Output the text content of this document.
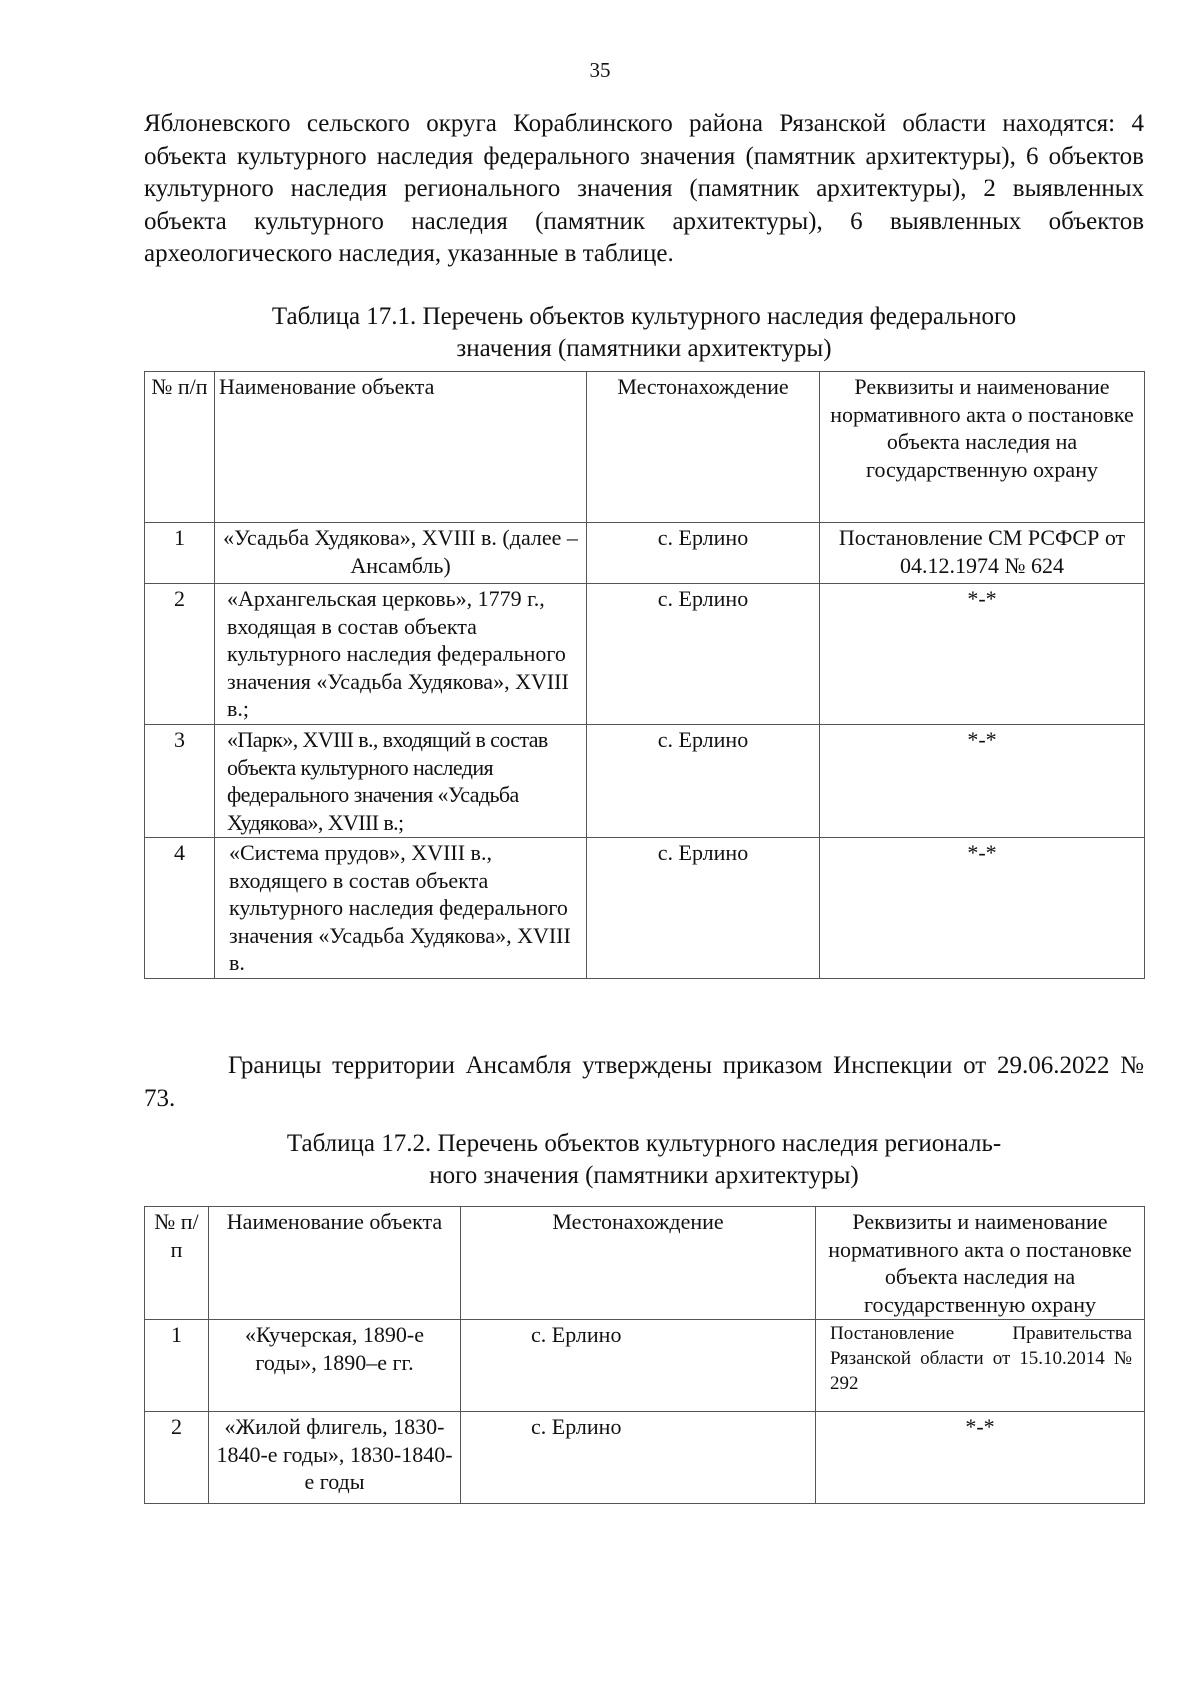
35
Яблоневского сельского округа Кораблинского района Рязанской области находятся: 4 объекта культурного наследия федерального значения (памятник архитектуры), 6 объектов культурного наследия регионального значения (памятник архитектуры), 2 выявленных объекта культурного наследия (памятник архитектуры), 6 выявленных объектов археологического наследия, указанные в таблице.
Таблица 17.1. Перечень объектов культурного наследия федерального
значения (памятники архитектуры)
№ п/п	Наименование объекта	Местонахождение	Реквизиты и наименование нормативного акта о постановке объекта наследия на государственную охрану
1	«Усадьба Худякова», XVIII в. (далее – Ансамбль)	с. Ерлино	Постановление СМ РСФСР от 04.12.1974 № 624
2	«Архангельская церковь», 1779 г., входящая в состав объекта культурного наследия федерального значения «Усадьба Худякова», XVIII в.;	с. Ерлино	*-*
3	«Парк», XVIII в., входящий в состав объекта культурного наследия федерального значения «Усадьба Худякова», XVIII в.;	с. Ерлино	*-*
4	«Система прудов», XVIII в., входящего в состав объекта культурного наследия федерального значения «Усадьба Худякова», XVIII в.	с. Ерлино	*-*
Границы территории Ансамбля утверждены приказом Инспекции от 29.06.2022 № 73.
Таблица 17.2. Перечень объектов культурного наследия региональ-
ного значения (памятники архитектуры)
№ п/п	Наименование объекта	Местонахождение	Реквизиты и наименование нормативного акта о постановке объекта наследия на государственную охрану
1	«Кучерская, 1890-е годы», 1890–е гг.	с. Ерлино	Постановление Правительства Рязанской области от 15.10.2014 № 292
2	«Жилой флигель, 1830-1840-е годы», 1830-1840-е годы	с. Ерлино	*-*
